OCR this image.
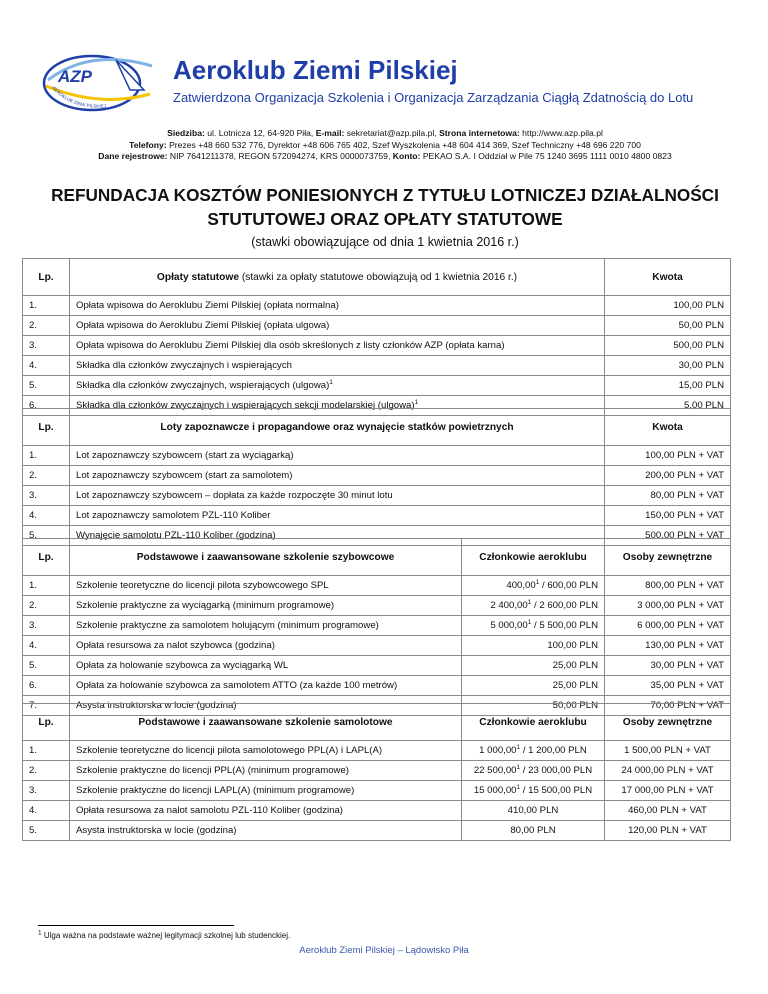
AZP
AEROKLUB ZIEMI PILSKIEJ
Aeroklub Ziemi Pilskiej
Zatwierdzona Organizacja Szkolenia i Organizacja Zarządzania Ciągłą Zdatnością do Lotu
Siedziba: ul. Lotnicza 12, 64-920 Piła, E-mail: sekretariat@azp.pila.pl, Strona internetowa: http://www.azp.pila.pl
Telefony: Prezes +48 660 532 776, Dyrektor +48 606 765 402, Szef Wyszkolenia +48 604 414 369, Szef Techniczny +48 696 220 700
Dane rejestrowe: NIP 7641211378, REGON 572094274, KRS 0000073759, Konto: PEKAO S.A. I Oddział w Pile 75 1240 3695 1111 0010 4800 0823
REFUNDACJA KOSZTÓW PONIESIONYCH Z TYTUŁU LOTNICZEJ DZIAŁALNOŚCI
STUTUTOWEJ ORAZ OPŁATY STATUTOWE
(stawki obowiązujące od dnia 1 kwietnia 2016 r.)
Lp.	Opłaty statutowe (stawki za opłaty statutowe obowiązują od 1 kwietnia 2016 r.)	Kwota
1.	Opłata wpisowa do Aeroklubu Ziemi Pilskiej (opłata normalna)	100,00 PLN
2.	Opłata wpisowa do Aeroklubu Ziemi Pilskiej (opłata ulgowa)	50,00 PLN
3.	Opłata wpisowa do Aeroklubu Ziemi Pilskiej dla osób skreślonych z listy członków AZP (opłata karna)	500,00 PLN
4.	Składka dla członków zwyczajnych i wspierających	30,00 PLN
5.	Składka dla członków zwyczajnych, wspierających (ulgowa)$^1$	15,00 PLN
6.	Składka dla członków zwyczajnych i wspierających sekcji modelarskiej (ulgowa)$^1$	5,00 PLN
Lp.	Loty zapoznawcze i propagandowe oraz wynajęcie statków powietrznych	Kwota
1.	Lot zapoznawczy szybowcem (start za wyciągarką)	100,00 PLN + VAT
2.	Lot zapoznawczy szybowcem (start za samolotem)	200,00 PLN + VAT
3.	Lot zapoznawczy szybowcem – dopłata za każde rozpoczęte 30 minut lotu	80,00 PLN + VAT
4.	Lot zapoznawczy samolotem PZL-110 Koliber	150,00 PLN + VAT
5.	Wynajęcie samolotu PZL-110 Koliber (godzina)	500,00 PLN + VAT
Lp.	Podstawowe i zaawansowane szkolenie szybowcowe	Członkowie aeroklubu	Osoby zewnętrzne
1.	Szkolenie teoretyczne do licencji pilota szybowcowego SPL	400,00$^1$ / 600,00 PLN	800,00 PLN + VAT
2.	Szkolenie praktyczne za wyciągarką (minimum programowe)	2 400,00$^1$ / 2 600,00 PLN	3 000,00 PLN + VAT
3.	Szkolenie praktyczne za samolotem holującym (minimum programowe)	5 000,00$^1$ / 5 500,00 PLN	6 000,00 PLN + VAT
4.	Opłata resursowa za nalot szybowca (godzina)	100,00 PLN	130,00 PLN + VAT
5.	Opłata za holowanie szybowca za wyciągarką WL	25,00 PLN	30,00 PLN + VAT
6.	Opłata za holowanie szybowca za samolotem ATTO (za każde 100 metrów)	25,00 PLN	35,00 PLN + VAT
7.	Asysta instruktorska w locie (godzina)	50,00 PLN	70,00 PLN + VAT
Lp.	Podstawowe i zaawansowane szkolenie samolotowe	Członkowie aeroklubu	Osoby zewnętrzne
1.	Szkolenie teoretyczne do licencji pilota samolotowego PPL(A) i LAPL(A)	1 000,00$^1$ / 1 200,00 PLN	1 500,00 PLN + VAT
2.	Szkolenie praktyczne do licencji PPL(A) (minimum programowe)	22 500,00$^1$ / 23 000,00 PLN	24 000,00 PLN + VAT
3.	Szkolenie praktyczne do licencji LAPL(A) (minimum programowe)	15 000,00$^1$ / 15 500,00 PLN	17 000,00 PLN + VAT
4.	Opłata resursowa za nalot samolotu PZL-110 Koliber (godzina)	410,00 PLN	460,00 PLN + VAT
5.	Asysta instruktorska w locie (godzina)	80,00 PLN	120,00 PLN + VAT
$^1$ Ulga ważna na podstawie ważnej legitymacji szkolnej lub studenckiej.
Aeroklub Ziemi Pilskiej – Lądowisko Piła
